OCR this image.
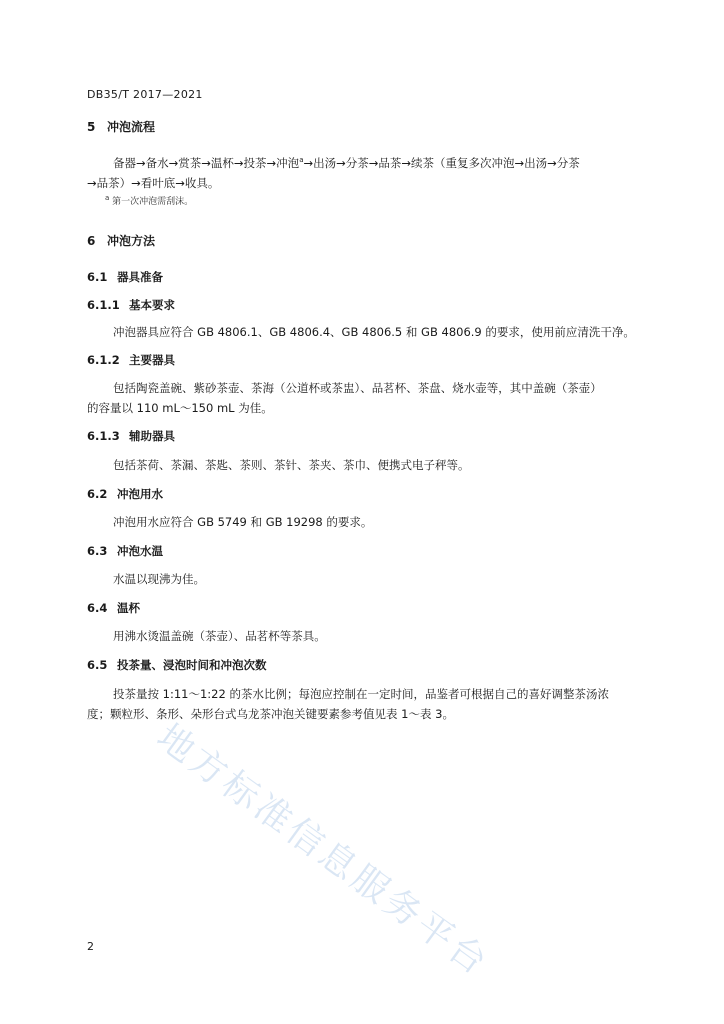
DB35/T 2017—2021
5 冲泡流程
备器→备水→赏茶→温杯→投茶→冲泡$^a$→出汤→分茶→品茶→续茶（重复多次冲泡→出汤→分茶
→品茶）→看叶底→收具。
$^a$ 第一次冲泡需刮沫。
6 冲泡方法
6.1 器具准备
6.1.1 基本要求
冲泡器具应符合 GB 4806.1、GB 4806.4、GB 4806.5 和 GB 4806.9 的要求，使用前应清洗干净。
6.1.2 主要器具
包括陶瓷盖碗、紫砂茶壶、茶海（公道杯或茶盅）、品茗杯、茶盘、烧水壶等，其中盖碗（茶壶）
的容量以 110 mL～150 mL 为佳。
6.1.3 辅助器具
包括茶荷、茶漏、茶匙、茶则、茶针、茶夹、茶巾、便携式电子秤等。
6.2 冲泡用水
冲泡用水应符合 GB 5749 和 GB 19298 的要求。
6.3 冲泡水温
水温以现沸为佳。
6.4 温杯
用沸水烫温盖碗（茶壶）、品茗杯等茶具。
6.5 投茶量、浸泡时间和冲泡次数
投茶量按 1:11～1:22 的茶水比例；每泡应控制在一定时间，品鉴者可根据自己的喜好调整茶汤浓
度；颗粒形、条形、朵形台式乌龙茶冲泡关键要素参考值见表 1～表 3。
地方标准信息服务平台
2
